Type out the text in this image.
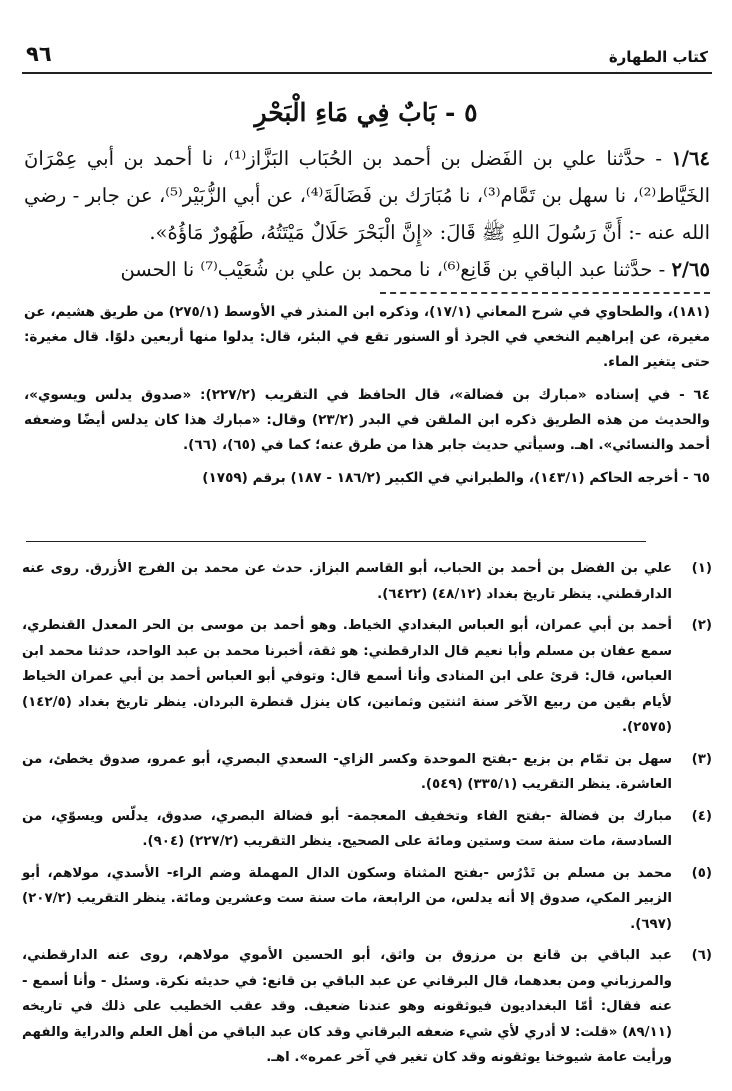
كتاب الطهارة
٩٦
٥ - بَابٌ فِي مَاءِ الْبَحْرِ

١/٦٤ - حدَّثنا علي بن الفَضل بن أحمد بن الحُبَاب البَزَّاز⁽¹⁾، نا أحمد بن أبي عِمْرَانَ الخَيَّاط⁽²⁾، نا سهل بن تَمَّام⁽³⁾، نا مُبَارَك بن فَضَالَةَ⁽⁴⁾، عن أبي الزُّبَيْر⁽⁵⁾، عن جابر - رضي الله عنه -: أَنَّ رَسُولَ اللهِ ﷺ قَالَ: «إِنَّ الْبَحْرَ حَلَالٌ مَيْتَتُهُ، طَهُورٌ مَاؤُهُ».

٢/٦٥ - حدَّثنا عبد الباقي بن قَانِع⁽⁶⁾، نا محمد بن علي بن شُعَيْب⁽⁷⁾ نا الحسن

(١٨١)، والطحاوي في شرح المعاني (١٧/١)، وذكره ابن المنذر في الأوسط (٢٧٥/١) من طريق هشيم، عن مغيرة، عن إبراهيم النخعي في الجرذ أو السنور تقع في البئر، قال: يدلوا منها أربعين دلوًا. قال مغيرة: حتى يتغير الماء.

٦٤ - في إسناده «مبارك بن فضالة»، قال الحافظ في التقريب (٢٢٧/٢): «صدوق يدلس ويسوي»، والحديث من هذه الطريق ذكره ابن الملقن في البدر (٢٣/٢) وقال: «مبارك هذا كان يدلس أيضًا وضعفه أحمد والنسائي». اهـ. وسيأتي حديث جابر هذا من طرق عنه؛ كما في (٦٥)، (٦٦).

٦٥ - أخرجه الحاكم (١٤٣/١)، والطبراني في الكبير (١٨٦/٢ - ١٨٧) برقم (١٧٥٩)

(١)
علي بن الفضل بن أحمد بن الحباب، أبو القاسم البزاز. حدث عن محمد بن الفرج الأزرق. روى عنه الدارقطني. ينظر تاريخ بغداد (٤٨/١٢) (٦٤٢٢).
(٢)
أحمد بن أبي عمران، أبو العباس البغدادي الخياط. وهو أحمد بن موسى بن الحر المعدل القنطري، سمع عفان بن مسلم وأبا نعيم قال الدارقطني: هو ثقة، أخبرنا محمد بن عبد الواحد، حدثنا محمد ابن العباس، قال: قرئ على ابن المنادى وأنا أسمع قال: وتوفي أبو العباس أحمد بن أبي عمران الخياط لأيام بقين من ربيع الآخر سنة اثنتين وثمانين، كان ينزل قنطرة البردان. ينظر تاريخ بغداد (١٤٢/٥) (٢٥٧٥).
(٣)
سهل بن تمّام بن بزيع -بفتح الموحدة وكسر الزاي- السعدي البصري، أبو عمرو، صدوق يخطئ، من العاشرة. ينظر التقريب (٣٣٥/١) (٥٤٩).
(٤)
مبارك بن فضالة -بفتح الفاء وتخفيف المعجمة- أبو فضالة البصري، صدوق، يدلّس ويسوّي، من السادسة، مات سنة ست وستين ومائة على الصحيح. ينظر التقريب (٢٢٧/٢) (٩٠٤).
(٥)
محمد بن مسلم بن تَدْرُس -بفتح المثناة وسكون الدال المهملة وضم الراء- الأسدي، مولاهم، أبو الزبير المكي، صدوق إلا أنه يدلس، من الرابعة، مات سنة ست وعشرين ومائة. ينظر التقريب (٢٠٧/٢) (٦٩٧).
(٦)
عبد الباقي بن قانع بن مرزوق بن واثق، أبو الحسين الأموي مولاهم، روى عنه الدارقطني، والمرزباني ومن بعدهما، قال البرقاني عن عبد الباقي بن قانع: في حديثه نكرة. وسئل - وأنا أسمع - عنه فقال: أمّا البغداديون فيوثقونه وهو عندنا ضعيف. وقد عقب الخطيب على ذلك في تاريخه (٨٩/١١) «قلت: لا أدري لأي شيء ضعفه البرقاني وقد كان عبد الباقي من أهل العلم والدراية والفهم ورأيت عامة شيوخنا يوثقونه وقد كان تغير في آخر عمره». اهـ.
